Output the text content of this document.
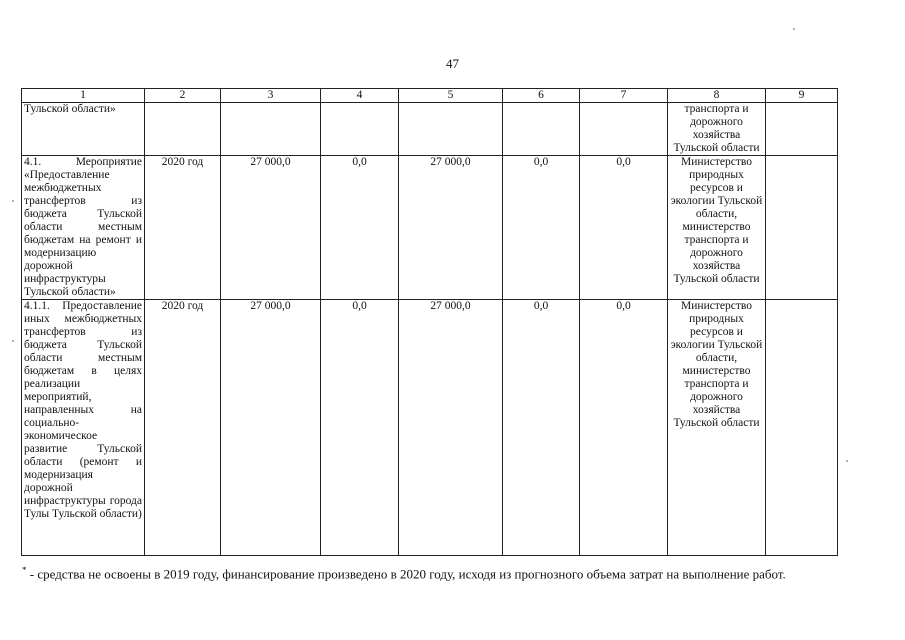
47
1	2	3	4	5	6	7	8	9
Тульской области»							транспорта и дорожного хозяйства Тульской области	
4.1. Мероприятие «Предоставление межбюджетных трансфертов из бюджета Тульской области местным бюджетам на ремонт и модернизацию дорожной инфраструктуры Тульской области»	2020 год	27 000,0	0,0	27 000,0	0,0	0,0	Министерство природных ресурсов и экологии Тульской области, министерство транспорта и дорожного хозяйства Тульской области	
4.1.1. Предоставление иных межбюджетных трансфертов из бюджета Тульской области местным бюджетам в целях реализации мероприятий, направленных на социально-экономическое развитие Тульской области (ремонт и модернизация дорожной инфраструктуры города Тулы Тульской области)	2020 год	27 000,0	0,0	27 000,0	0,0	0,0	Министерство природных ресурсов и экологии Тульской области, министерство транспорта и дорожного хозяйства Тульской области	
* - средства не освоены в 2019 году, финансирование произведено в 2020 году, исходя из прогнозного объема затрат на выполнение работ.
